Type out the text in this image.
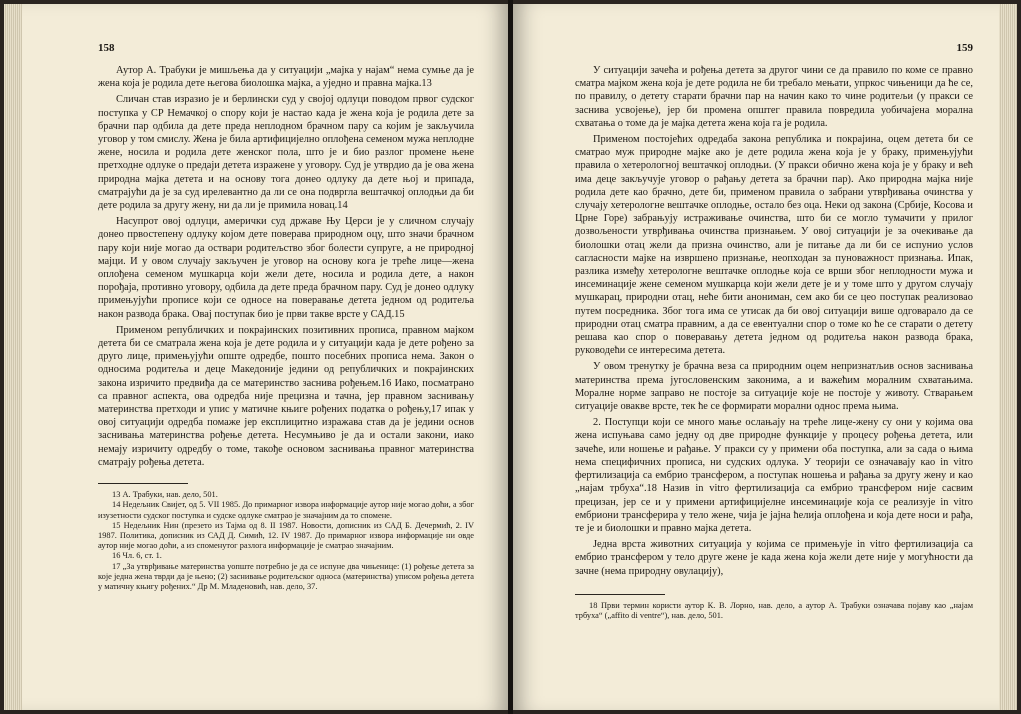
158

Аутор А. Трабуки је мишљења да у ситуацији „мајка у најам“ нема сумње да је жена која је родила дете његова биолошка мајка, а уједно и правна мајка.13

Сличан став изразио је и берлински суд у својој одлуци поводом првог судског поступка у СР Немачкој о спору који је настао када је жена која је родила дете за брачни пар одбила да дете преда неплодном брачном пару са којим је закључила уговор у том смислу. Жена је била артифицијелно оплођена семеном мужа неплодне жене, носила и родила дете женског пола, што је и био разлог промене њене претходне одлуке о предаји детета изражене у уговору. Суд је утврдио да је ова жена природна мајка детета и на основу тога донео одлуку да дете њој и припада, сматрајући да је за суд ирелевантно да ли се она подвргла вештачкој оплодњи да би дете родила за другу жену, ни да ли је примила новац.14

Насупрот овој одлуци, амерички суд државе Њу Церси је у сличном случају донео првостепену одлуку којом дете поверава природном оцу, што значи брачном пару који није могао да оствари родитељство због болести супруге, а не природној мајци. И у овом случају закључен је уговор на основу кога је треће лице—жена оплођена семеном мушкарца који жели дете, носила и родила дете, а након порођаја, противно уговору, одбила да дете преда брачном пару. Суд је донео одлуку примењујући прописе који се односе на поверавање детета једном од родитеља након развода брака. Овај поступак био је први такве врсте у САД.15

Применом републичких и покрајинских позитивних прописа, правном мајком детета би се сматрала жена која је дете родила и у ситуацији када је дете рођено за друго лице, примењујући опште одредбе, пошто посебних прописа нема. Закон о односима родитеља и деце Македоније једини од републичких и покрајинских закона изричито предвиђа да се материнство заснива рођењем.16 Иако, посматрано са правног аспекта, ова одредба није прецизна и тачна, јер правном заснивању материнства претходи и упис у матичне књиге рођених податка о рођењу,17 ипак у овој ситуацији одредба помаже јер експлицитно изражава став да је једини основ заснивања материнства рођење детета. Несумњиво је да и остали закони, иако немају изричиту одредбу о томе, такође основом заснивања правног материнства сматрају рођења детета.

13 А. Трабуки, нав. дело, 501.

14 Недељник Свијет, од 5. VII 1985. До примарног извора информације аутор није могао доћи, а због изузетности судског поступка и судске одлуке сматрао је значајним да то спомене.

15 Недељник Нин (презето из Тајма од 8. II 1987. Новости, дописник из САД Б. Дечермић, 2. IV 1987. Политика, дописник из САД Д. Симић, 12. IV 1987. До примарног извора информације ни овде аутор није могао доћи, а из споменутог разлога информације је сматрао значајним.

16 Чл. 6, ст. 1.

17 „За утврђивање материнства уопште потребно је да се испуне два чињенице: (1) рођење детета за које једна жена тврди да је њено; (2) заснивање родитељског односа (материнства) уписом рођења детета у матичну књигу рођених.“ Др М. Младеновић, нав. дело, 37.

159

У ситуацији зачећа и рођења детета за другог чини се да правило по коме се правно сматра мајком жена која је дете родила не би требало мењати, упркос чињеници да ће се, по правилу, о детету старати брачни пар на начин како то чине родитељи (у пракси се заснива усвојење), јер би промена општег правила повредила уобичајена морална схватања о томе да је мајка детета жена која га је родила.

Применом постојећих одредаба закона република и покрајина, оцем детета би се сматрао муж природне мајке ако је дете родила жена која је у браку, примењујући правила о хетерологној вештачкој оплодњи. (У пракси обично жена која је у браку и већ има деце закључује уговор о рађању детета за брачни пар). Ако природна мајка није родила дете као брачно, дете би, применом правила о забрани утврђивања очинства у случају хетерологне вештачке оплодње, остало без оца. Неки од закона (Србије, Косова и Црне Горе) забрањују истраживање очинства, што би се могло тумачити у прилог дозвољености утврђивања очинства признањем. У овој ситуацији је за очекивање да биолошки отац жели да призна очинство, али је питање да ли би се испунио услов сагласности мајке на извршено признање, неопходан за пуноважност признања. Ипак, разлика између хетерологне вештачке оплодње која се врши због неплодности мужа и инсеминације жене семеном мушкарца који жели дете је и у томе што у другом случају мушкарац, природни отац, неће бити анониман, сем ако би се цео поступак реализовао путем посредника. Због тога има се утисак да би овој ситуацији више одговарало да се природни отац сматра правним, а да се евентуални спор о томе ко ће се старати о детету решава као спор о поверавању детета једном од родитеља након развода брака, руководећи се интересима детета.

У овом тренутку је брачна веза са природним оцем непризнатљив основ заснивања материнства према југословенским законима, а и важећим моралним схватањима. Моралне норме заправо не постоје за ситуације које не постоје у животу. Стварањем ситуације оваквe врсте, тек ће се формирати морални однос према њима.

2. Поступци који се много мање ослањају на треће лице-жену су они у којима ова жена испуњава само једну од две природне функције у процесу рођења детета, или зачеће, или ношење и рађање. У пракси су у примени оба поступка, али за сада о њима нема специфичних прописа, ни судских одлука. У теорији се означавају као in vitro фертилизација са ембрио трансфером, а поступак ношења и рађања за другу жену и као „најам трбуха“.18 Назив in vitro фертилизација са ембрио трансфером није сасвим прецизан, јер се и у примени артифицијелне инсеминације која се реализује in vitro ембриони трансферира у тело жене, чија је јајна ћелија оплођена и која дете носи и рађа, те је и биолошки и правно мајка детета.

Једна врста животних ситуација у којима се примењује in vitro фертилизација са ембрио трансфером у тело друге жене је када жена која жели дете није у могућности да зачне (нема природну овулацију),

18 Први термин користи аутор К. В. Лорно, нав. дело, а аутор А. Трабуки означава појаву као „најам трбуха“ („affito di ventre“), нав. дело, 501.
